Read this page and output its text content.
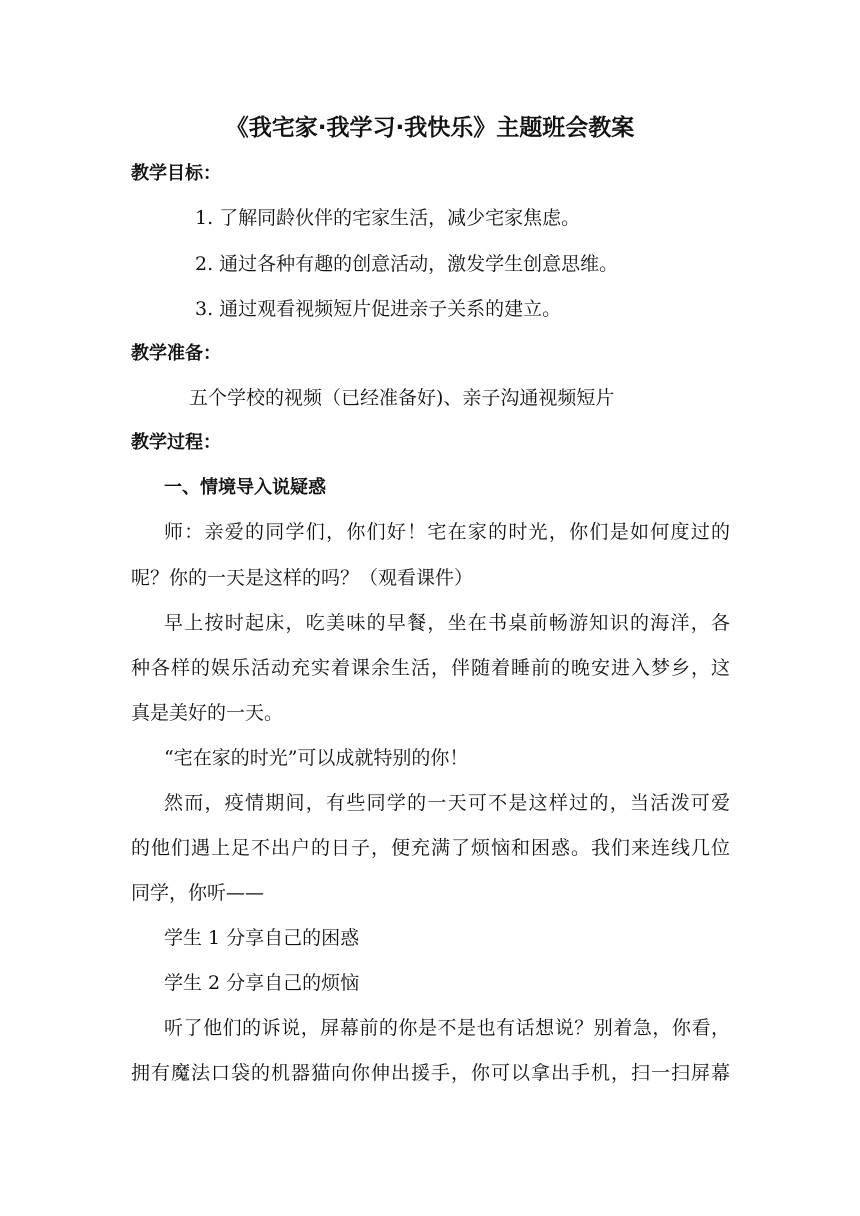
《我宅家·我学习·我快乐》主题班会教案
教学目标：
1. 了解同龄伙伴的宅家生活，减少宅家焦虑。
2. 通过各种有趣的创意活动，激发学生创意思维。
3. 通过观看视频短片促进亲子关系的建立。
教学准备：
五个学校的视频（已经准备好)、亲子沟通视频短片
教学过程：
一、情境导入说疑惑
师：亲爱的同学们，你们好！宅在家的时光，你们是如何度过的
呢？你的一天是这样的吗？（观看课件）
早上按时起床，吃美味的早餐，坐在书桌前畅游知识的海洋，各
种各样的娱乐活动充实着课余生活，伴随着睡前的晚安进入梦乡，这
真是美好的一天。
“宅在家的时光”可以成就特别的你！
然而，疫情期间，有些同学的一天可不是这样过的，当活泼可爱
的他们遇上足不出户的日子，便充满了烦恼和困惑。我们来连线几位
同学，你听——
学生 1 分享自己的困惑
学生 2 分享自己的烦恼
听了他们的诉说，屏幕前的你是不是也有话想说？别着急，你看，
拥有魔法口袋的机器猫向你伸出援手，你可以拿出手机，扫一扫屏幕
